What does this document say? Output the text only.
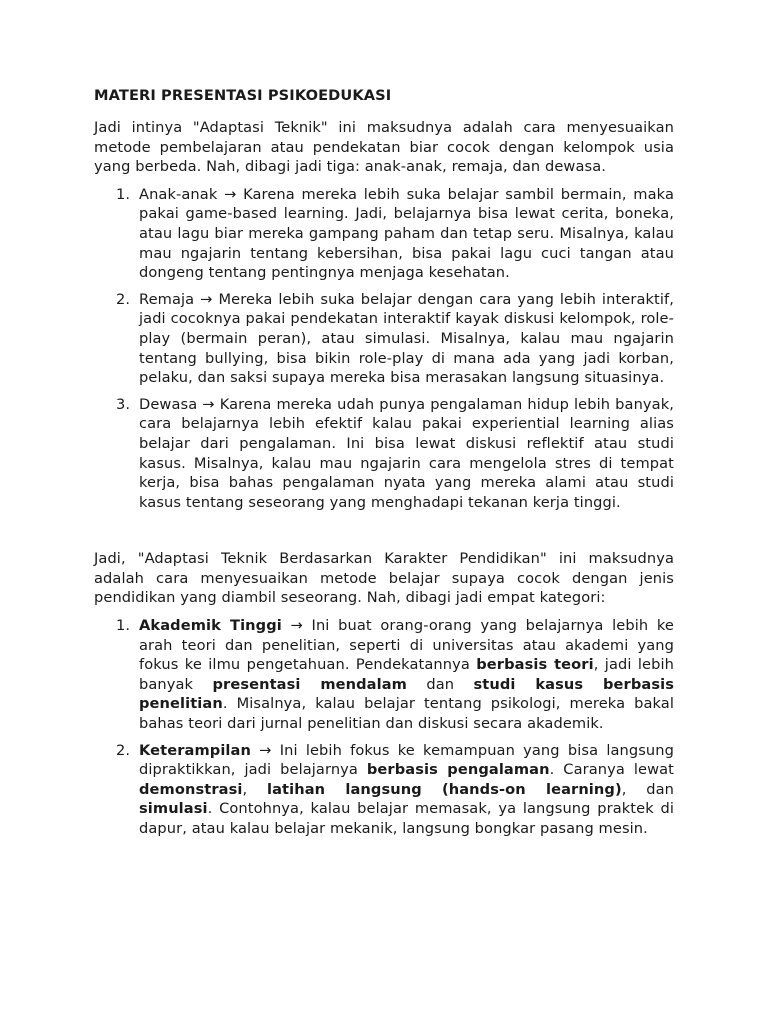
MATERI PRESENTASI PSIKOEDUKASI

Jadi intinya "Adaptasi Teknik" ini maksudnya adalah cara menyesuaikan metode pembelajaran atau pendekatan biar cocok dengan kelompok usia yang berbeda. Nah, dibagi jadi tiga: anak-anak, remaja, dan dewasa.

1. Anak-anak → Karena mereka lebih suka belajar sambil bermain, maka pakai game-based learning. Jadi, belajarnya bisa lewat cerita, boneka, atau lagu biar mereka gampang paham dan tetap seru. Misalnya, kalau mau ngajarin tentang kebersihan, bisa pakai lagu cuci tangan atau dongeng tentang pentingnya menjaga kesehatan.
2. Remaja → Mereka lebih suka belajar dengan cara yang lebih interaktif, jadi cocoknya pakai pendekatan interaktif kayak diskusi kelompok, role-play (bermain peran), atau simulasi. Misalnya, kalau mau ngajarin tentang bullying, bisa bikin role-play di mana ada yang jadi korban, pelaku, dan saksi supaya mereka bisa merasakan langsung situasinya.
3. Dewasa → Karena mereka udah punya pengalaman hidup lebih banyak, cara belajarnya lebih efektif kalau pakai experiential learning alias belajar dari pengalaman. Ini bisa lewat diskusi reflektif atau studi kasus. Misalnya, kalau mau ngajarin cara mengelola stres di tempat kerja, bisa bahas pengalaman nyata yang mereka alami atau studi kasus tentang seseorang yang menghadapi tekanan kerja tinggi.

Jadi, "Adaptasi Teknik Berdasarkan Karakter Pendidikan" ini maksudnya adalah cara menyesuaikan metode belajar supaya cocok dengan jenis pendidikan yang diambil seseorang. Nah, dibagi jadi empat kategori:

1. Akademik Tinggi → Ini buat orang-orang yang belajarnya lebih ke arah teori dan penelitian, seperti di universitas atau akademi yang fokus ke ilmu pengetahuan. Pendekatannya berbasis teori, jadi lebih banyak presentasi mendalam dan studi kasus berbasis penelitian. Misalnya, kalau belajar tentang psikologi, mereka bakal bahas teori dari jurnal penelitian dan diskusi secara akademik.
2. Keterampilan → Ini lebih fokus ke kemampuan yang bisa langsung dipraktikkan, jadi belajarnya berbasis pengalaman. Caranya lewat demonstrasi, latihan langsung (hands-on learning), dan simulasi. Contohnya, kalau belajar memasak, ya langsung praktek di dapur, atau kalau belajar mekanik, langsung bongkar pasang mesin.
